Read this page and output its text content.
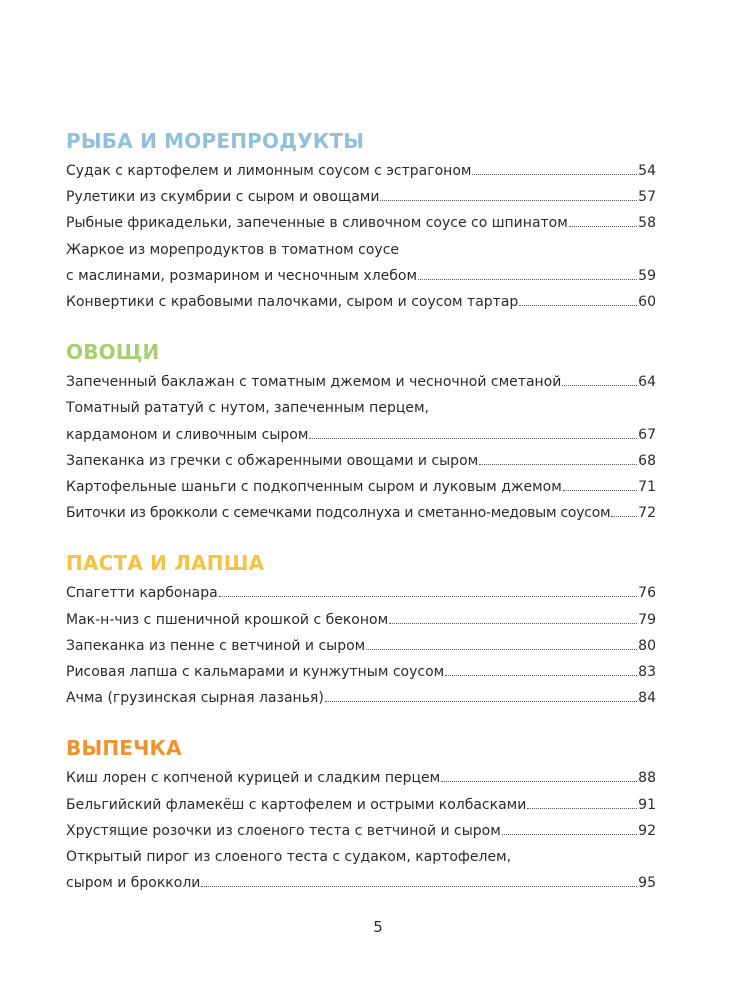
РЫБА И МОРЕПРОДУКТЫ
Судак с картофелем и лимонным соусом с эстрагоном	54
Рулетики из скумбрии с сыром и овощами	57
Рыбные фрикадельки, запеченные в сливочном соусе со шпинатом	58
Жаркое из морепродуктов в томатном соусе
с маслинами, розмарином и чесночным хлебом	59
Конвертики с крабовыми палочками, сыром и соусом тартар	60
ОВОЩИ
Запеченный баклажан с томатным джемом и чесночной сметаной	64
Томатный рататуй с нутом, запеченным перцем,
кардамоном и сливочным сыром	67
Запеканка из гречки с обжаренными овощами и сыром	68
Картофельные шаньги с подкопченным сыром и луковым джемом	71
Биточки из брокколи с семечками подсолнуха и сметанно-медовым соусом 72
ПАСТА И ЛАПША
Спагетти карбонара	76
Мак-н-чиз с пшеничной крошкой с беконом	79
Запеканка из пенне с ветчиной и сыром	80
Рисовая лапша с кальмарами и кунжутным соусом	83
Ачма (грузинская сырная лазанья)	84
ВЫПЕЧКА
Киш лорен с копченой курицей и сладким перцем	88
Бельгийский фламекёш с картофелем и острыми колбасками	91
Хрустящие розочки из слоеного теста с ветчиной и сыром	92
Открытый пирог из слоеного теста с судаком, картофелем,
сыром и брокколи	95
5
